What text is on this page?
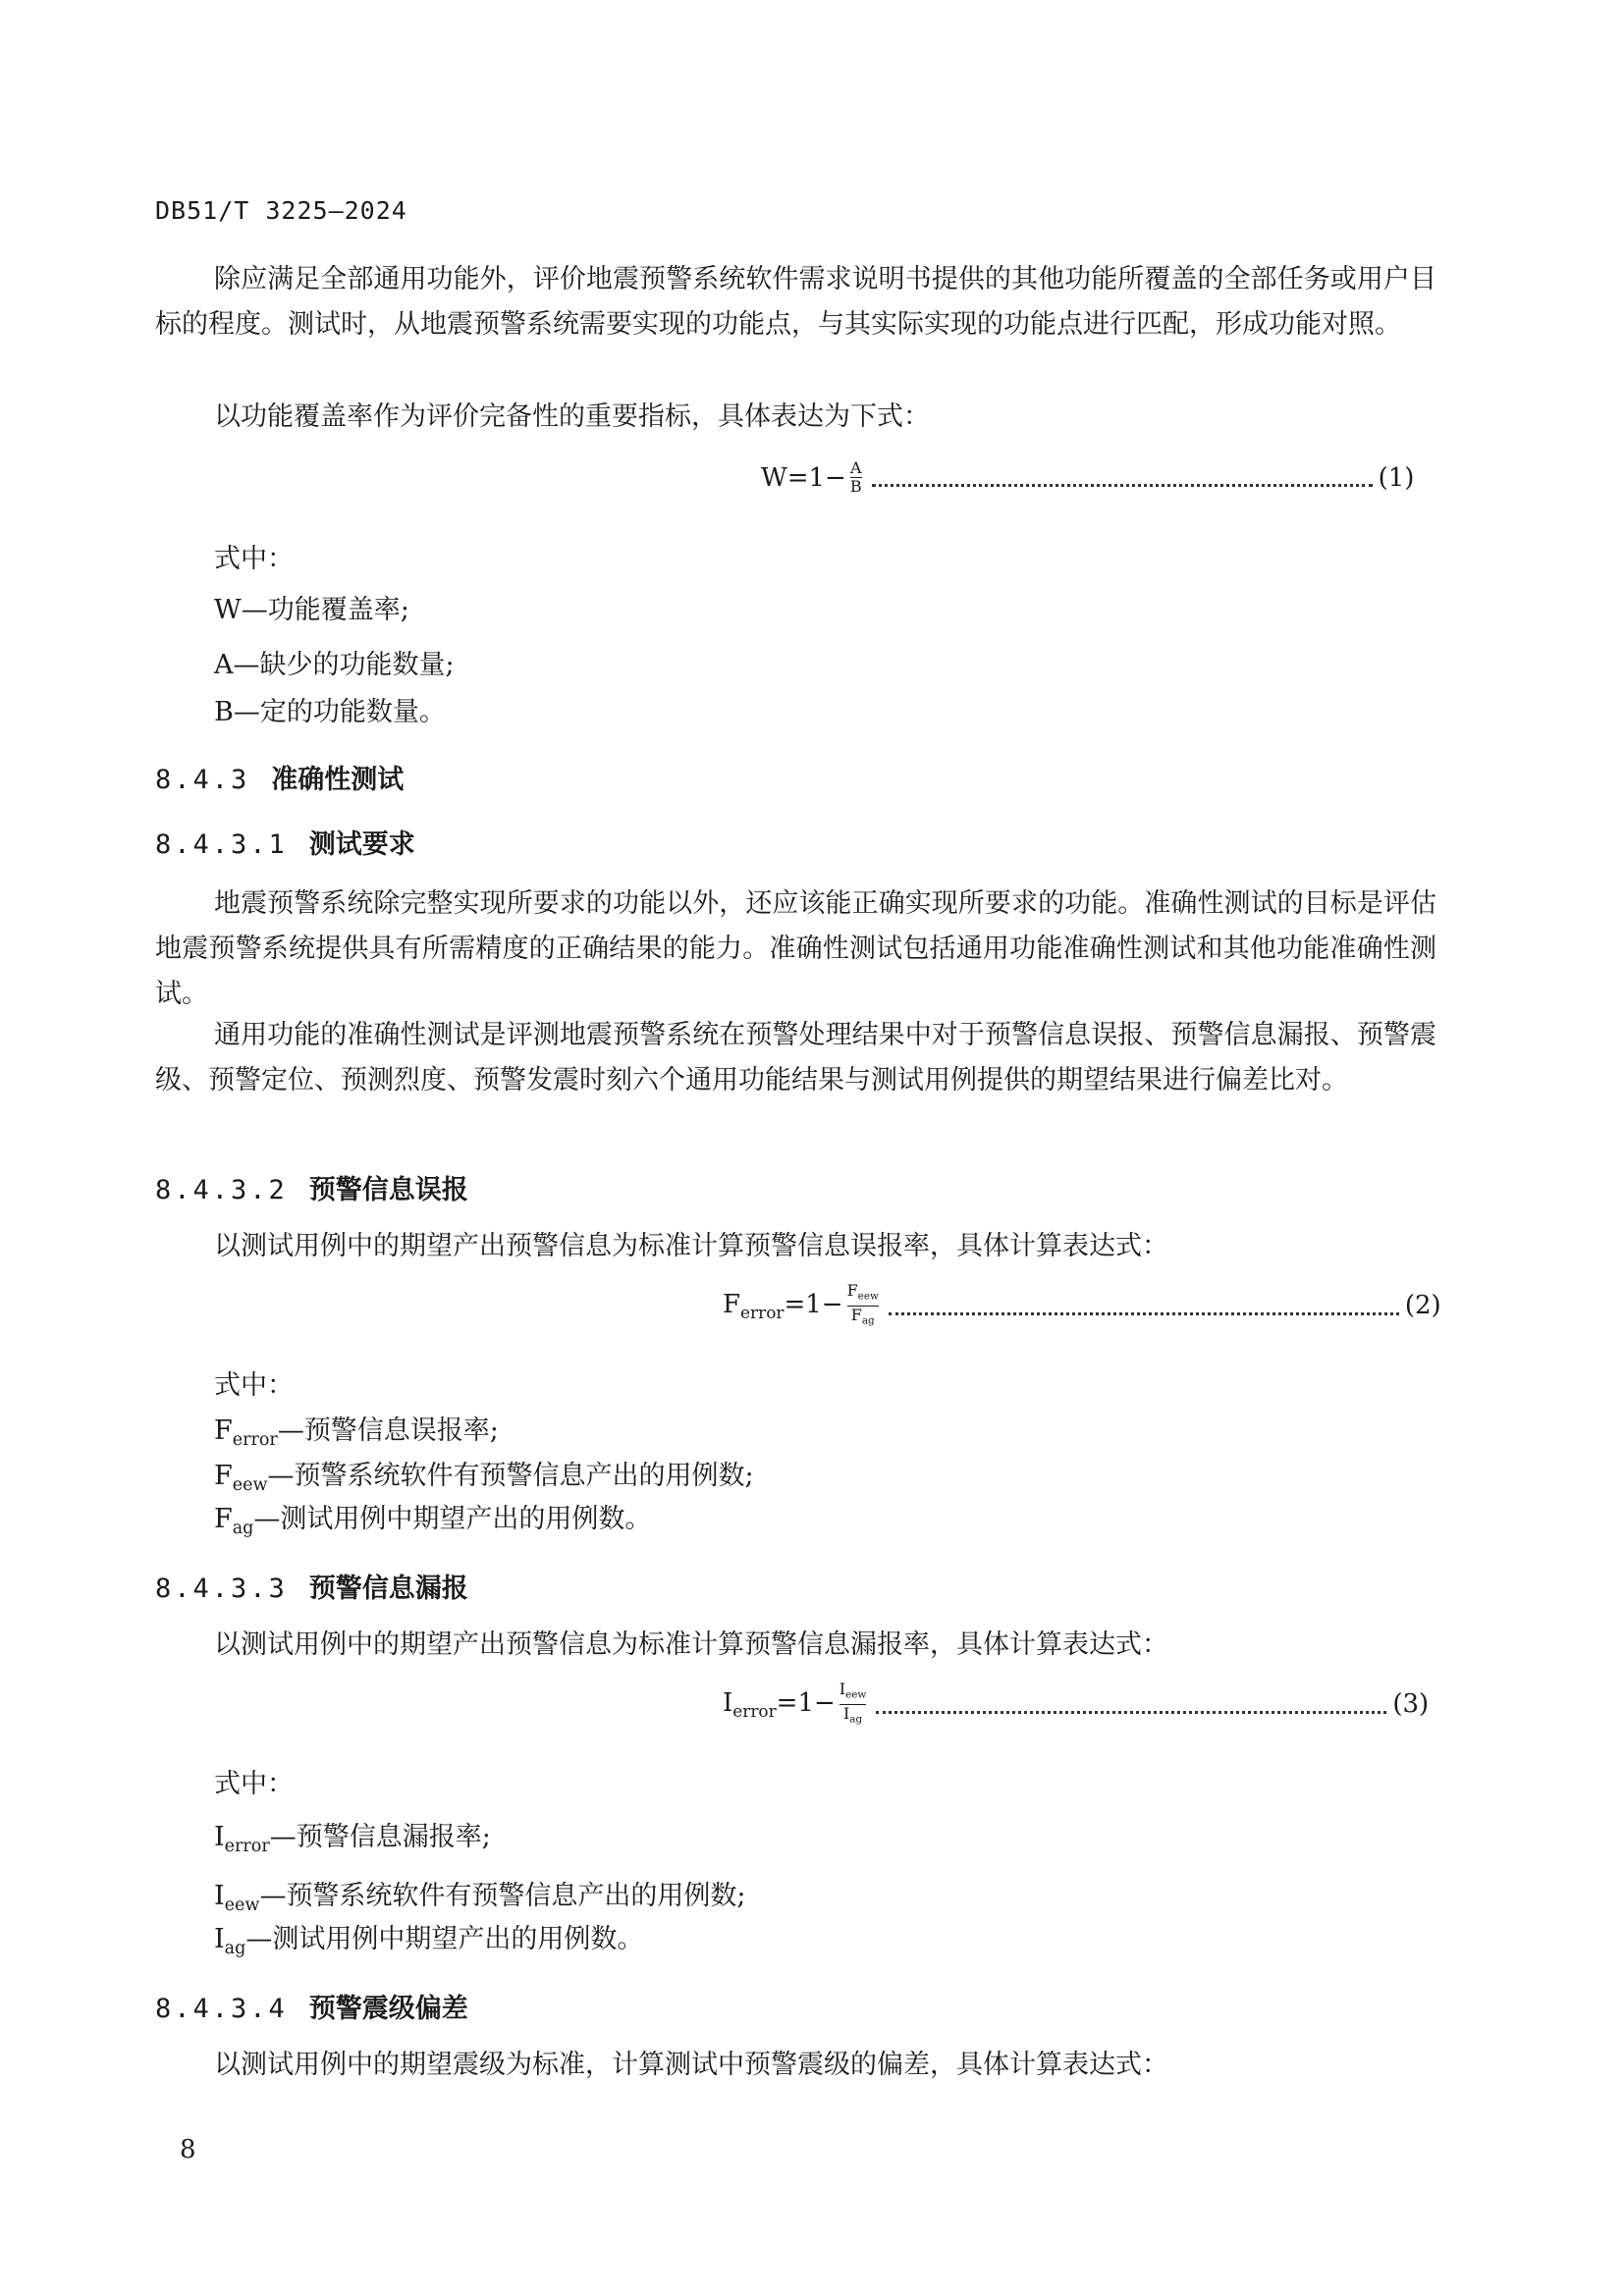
DB51/T 3225—2024

除应满足全部通用功能外，评价地震预警系统软件需求说明书提供的其他功能所覆盖的全部任务或用户目标的程度。测试时，从地震预警系统需要实现的功能点，与其实际实现的功能点进行匹配，形成功能对照。

以功能覆盖率作为评价完备性的重要指标，具体表达为下式：

$W=1- \frac{A}{B}$	(1)
式中：
W—功能覆盖率;
A—缺少的功能数量;
B—定的功能数量。
8.4.3 准确性测试
8.4.3.1 测试要求

地震预警系统除完整实现所要求的功能以外，还应该能正确实现所要求的功能。准确性测试的目标是评估地震预警系统提供具有所需精度的正确结果的能力。准确性测试包括通用功能准确性测试和其他功能准确性测试。

通用功能的准确性测试是评测地震预警系统在预警处理结果中对于预警信息误报、预警信息漏报、预警震级、预警定位、预测烈度、预警发震时刻六个通用功能结果与测试用例提供的期望结果进行偏差比对。

8.4.3.2 预警信息误报
以测试用例中的期望产出预警信息为标准计算预警信息误报率，具体计算表达式：
$F_{error}=1- \frac{F_{eew}}{F_{ag}}$	(2)
式中：
$F_{error}—$预警信息误报率;
$F_{eew}—$预警系统软件有预警信息产出的用例数;
$F_{ag}—$测试用例中期望产出的用例数。
8.4.3.3 预警信息漏报
以测试用例中的期望产出预警信息为标准计算预警信息漏报率，具体计算表达式：
$I_{error}=1- \frac{I_{eew}}{I_{ag}}$	(3)
式中：
$I_{error}—$预警信息漏报率;
$I_{eew}—$预警系统软件有预警信息产出的用例数;
$I_{ag}—$测试用例中期望产出的用例数。
8.4.3.4 预警震级偏差
以测试用例中的期望震级为标准，计算测试中预警震级的偏差，具体计算表达式：
8
